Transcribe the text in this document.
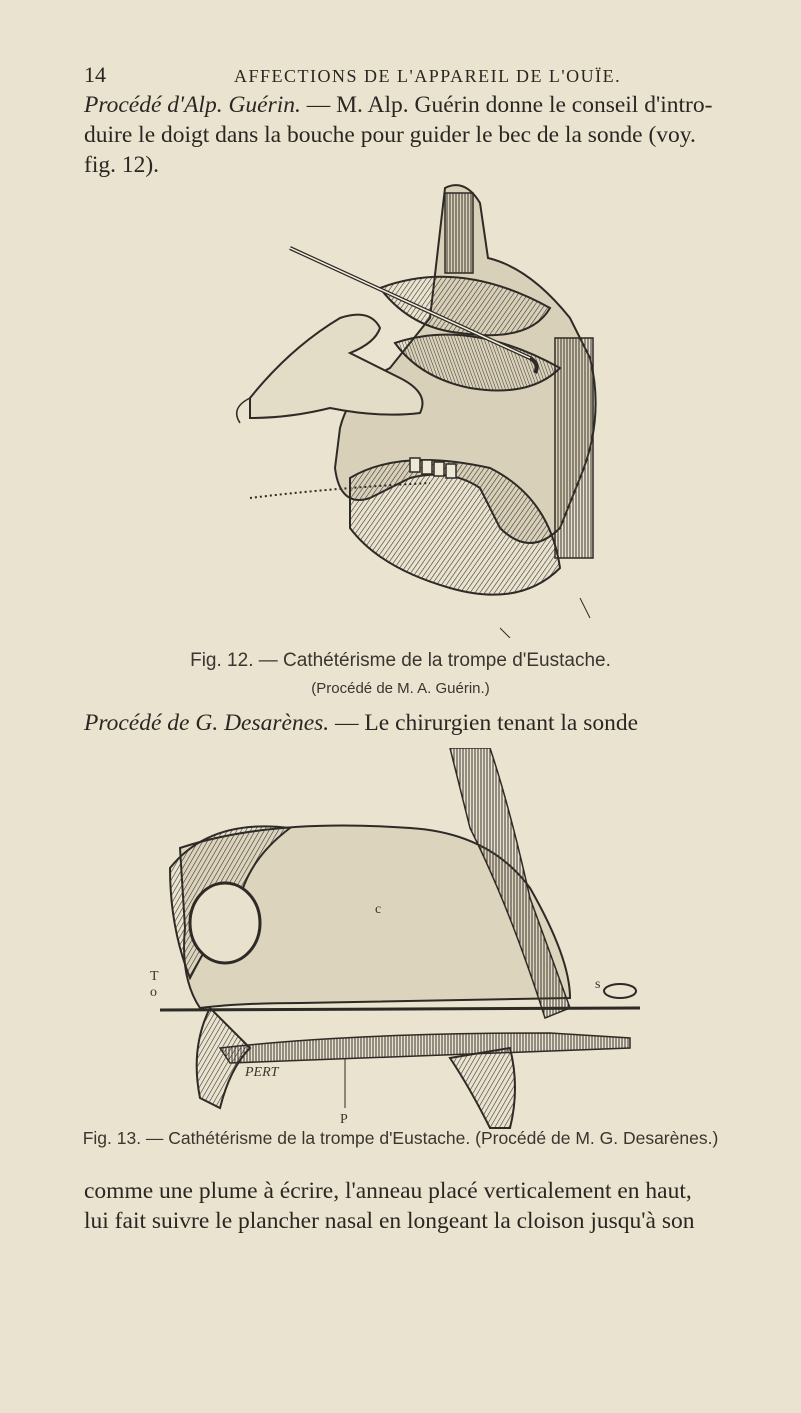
14	AFFECTIONS DE L'APPAREIL DE L'OUÏE.
Procédé d'Alp. Guérin. — M. Alp. Guérin donne le conseil d'intro-
duire le doigt dans la bouche pour guider le bec de la sonde (voy.
fig. 12).
Fig. 12. — Cathétérisme de la trompe d'Eustache.
(Procédé de M. A. Guérin.)
Procédé de G. Desarènes. — Le chirurgien tenant la sonde
c
T
o
s
P
PERT
Fig. 13. — Cathétérisme de la trompe d'Eustache. (Procédé de M. G. Desarènes.)
comme une plume à écrire, l'anneau placé verticalement en haut,
lui fait suivre le plancher nasal en longeant la cloison jusqu'à son
